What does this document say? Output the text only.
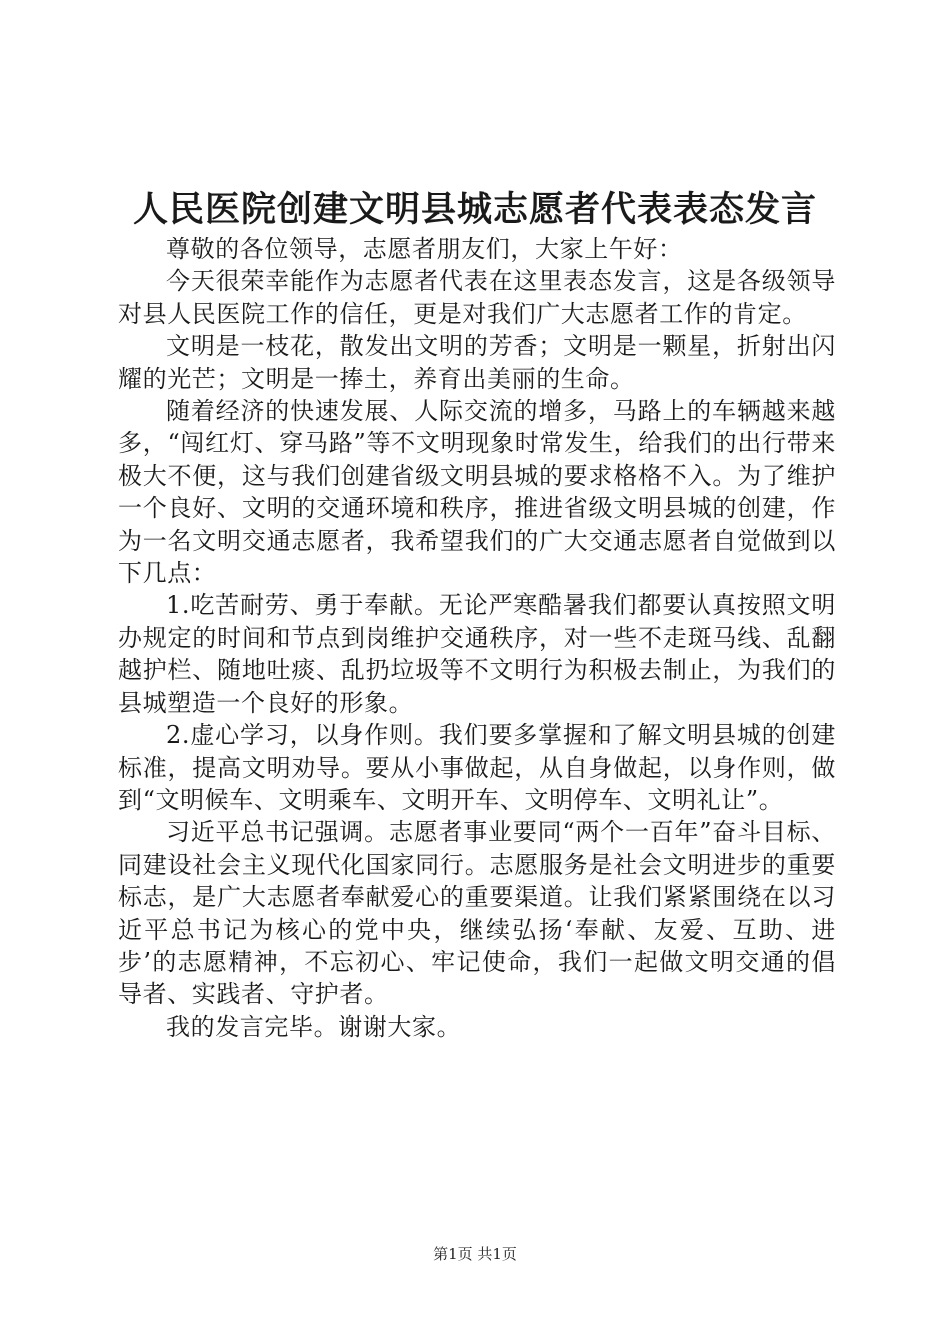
人民医院创建文明县城志愿者代表表态发言

尊敬的各位领导，志愿者朋友们，大家上午好：

今天很荣幸能作为志愿者代表在这里表态发言，这是各级领导对县人民医院工作的信任，更是对我们广大志愿者工作的肯定。

文明是一枝花，散发出文明的芳香；文明是一颗星，折射出闪耀的光芒；文明是一捧土，养育出美丽的生命。

随着经济的快速发展、人际交流的增多，马路上的车辆越来越多，“闯红灯、穿马路”等不文明现象时常发生，给我们的出行带来极大不便，这与我们创建省级文明县城的要求格格不入。为了维护一个良好、文明的交通环境和秩序，推进省级文明县城的创建，作为一名文明交通志愿者，我希望我们的广大交通志愿者自觉做到以下几点：

1.吃苦耐劳、勇于奉献。无论严寒酷暑我们都要认真按照文明办规定的时间和节点到岗维护交通秩序，对一些不走斑马线、乱翻越护栏、随地吐痰、乱扔垃圾等不文明行为积极去制止，为我们的县城塑造一个良好的形象。

2.虚心学习，以身作则。我们要多掌握和了解文明县城的创建标准，提高文明劝导。要从小事做起，从自身做起，以身作则，做到“文明候车、文明乘车、文明开车、文明停车、文明礼让”。

习近平总书记强调。志愿者事业要同“两个一百年”奋斗目标、同建设社会主义现代化国家同行。志愿服务是社会文明进步的重要标志，是广大志愿者奉献爱心的重要渠道。让我们紧紧围绕在以习近平总书记为核心的党中央，继续弘扬‘奉献、友爱、互助、进步’的志愿精神，不忘初心、牢记使命，我们一起做文明交通的倡导者、实践者、守护者。

我的发言完毕。谢谢大家。

第1页 共1页
